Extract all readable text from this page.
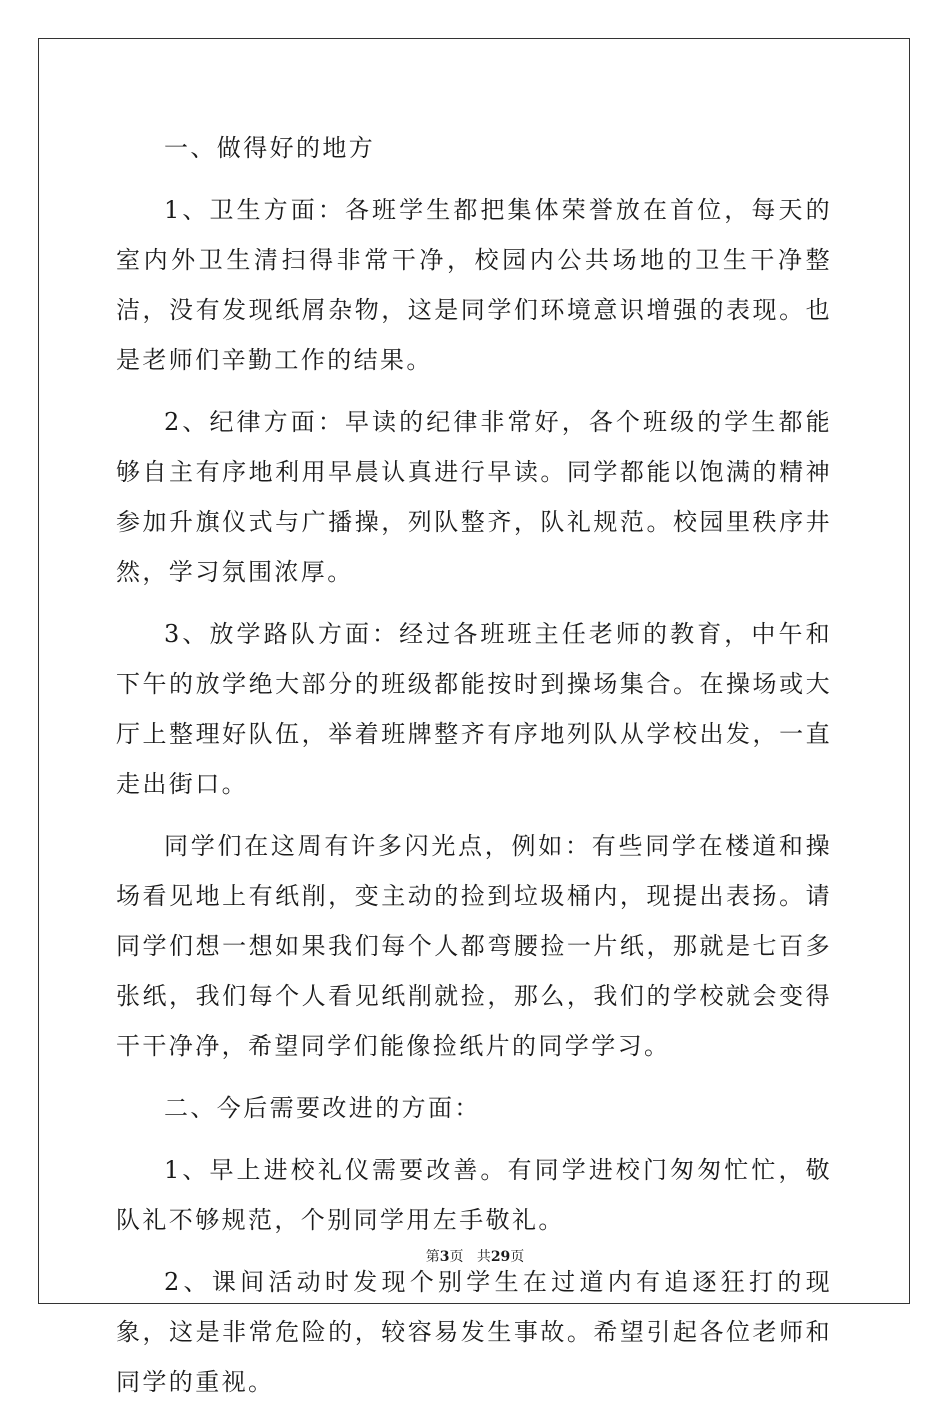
一、做得好的地方

1、卫生方面：各班学生都把集体荣誉放在首位，每天的室内外卫生清扫得非常干净，校园内公共场地的卫生干净整洁，没有发现纸屑杂物，这是同学们环境意识增强的表现。也是老师们辛勤工作的结果。

2、纪律方面：早读的纪律非常好，各个班级的学生都能够自主有序地利用早晨认真进行早读。同学都能以饱满的精神参加升旗仪式与广播操，列队整齐，队礼规范。校园里秩序井然，学习氛围浓厚。

3、放学路队方面：经过各班班主任老师的教育，中午和下午的放学绝大部分的班级都能按时到操场集合。在操场或大厅上整理好队伍，举着班牌整齐有序地列队从学校出发，一直走出街口。

同学们在这周有许多闪光点，例如：有些同学在楼道和操场看见地上有纸削，变主动的捡到垃圾桶内，现提出表扬。请同学们想一想如果我们每个人都弯腰捡一片纸，那就是七百多张纸，我们每个人看见纸削就捡，那么，我们的学校就会变得干干净净，希望同学们能像捡纸片的同学学习。

二、今后需要改进的方面：

1、早上进校礼仪需要改善。有同学进校门匆匆忙忙，敬队礼不够规范，个别同学用左手敬礼。

2、课间活动时发现个别学生在过道内有追逐狂打的现象，这是非常危险的，较容易发生事故。希望引起各位老师和同学的重视。

第3页 共29页
